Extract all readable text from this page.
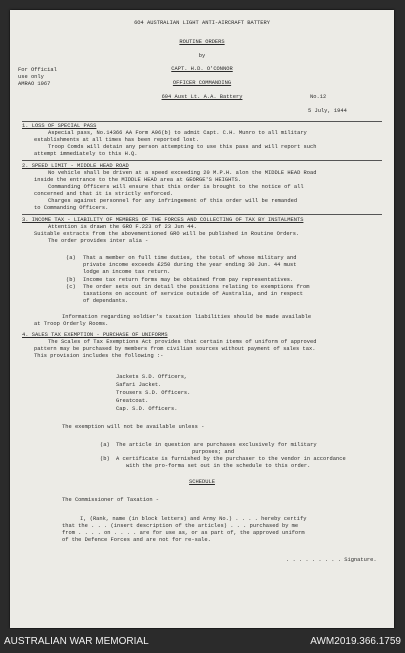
6O4 AUSTRALIAN LIGHT ANTI-AIRCRAFT BATTERY
ROUTINE ORDERS
by
CAPT. H.D. O'CONNOR
OFFICER COMMANDING
604 Aust Lt. A.A. Battery	No.12
5 July, 1944
For Official
use only
AMRAO 1067
1. LOSS OF SPECIAL PASS
Aspecial pass, No.14366 AA Form A96(b) to admit Capt. C.H. Munro to all military
establishments at all times has been reported lost.
Troop Comds will detain any person attempting to use this pass and will report such
attempt immediately to this H.Q.
2. SPEED LIMIT - MIDDLE HEAD ROAD
No vehicle shall be driven at a speed exceeding 20 M.P.H. alon the MIDDLE HEAD Road
inside the entrance to the MIDDLE HEAD area at GEORGE'S HEIGHTS.
Commanding Officers will ensure that this order is brought to the notice of all
concerned and that it is strictly enforced.
Charges against personnel for any infringement of this order will be remanded
to Commanding Officers.
3. INCOME TAX - LIABILITY OF MEMBERS OF THE FORCES AND COLLECTING OF TAX BY INSTALMENTS
Attention is drawn the GRO F.223 of 23 Jun 44.
Suitable extracts from the abovementioned GRO will be published in Routine Orders.
The order provides inter alia -
(a) That a member on full time duties, the total of whose military and
private income exceeds £250 during the year ending 30 Jun. 44 must
lodge an income tax return.
(b) Income tax return forms may be obtained from pay representatives.
(c) The order sets out in detail the positions relating to exemptions from
taxations on account of service outside of Australia, and in respect
of dependants.
Information regarding soldier's taxation liabilities should be made available
at Troop Orderly Rooms.
4. SALES TAX EXEMPTION - PURCHASE OF UNIFORMS
The Scales of Tax Exemptions Act provides that certain items of uniform of approved
pattern may be purchased by members from civilian sources without payment of sales tax.
This provision includes the following :-
Jackets S.D. Officers,
Safari Jacket.
Trousers S.D. Officers.
Greatcoat.
Cap. S.D. Officers.
The exemption will not be available unless -
(a) The article in question are purchases exclusively for military
purposes; and
(b) A certificate is furnished by the purchaser to the vendor in accordance
with the pro-forma set out in the schedule to this order.
SCHEDULE
The Commissioner of Taxation -
I, (Rank, name (in block letters) and Army No.) . . . . hereby certify
that the . . . (insert description of the articles) . . . purchased by me
from . . . . on . . . . are for use as, or as part of, the approved uniform
of the Defence Forces and are not for re-sale.
. . . . . . . . . Signature.
AUSTRALIAN WAR MEMORIAL	AWM2019.366.1759
